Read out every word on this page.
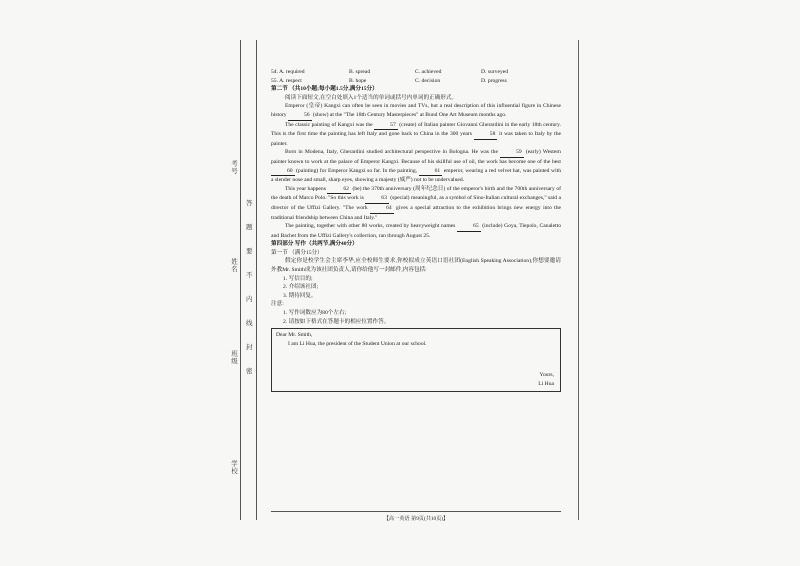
考号
姓名
班级
学校
答
题
要
不
内
线
封
密
54. A. required	B. spread	C. achieved	D. surveyed
55. A. respect	B. hope	C. decision	D. progress
第二节 （共10小题;每小题1.5分,满分15分）

阅读下面短文,在空白处填入1个适当的单词或括号内单词的正确形式。

Emperor (皇帝) Kangxi can often be seen in movies and TVs, but a real description of this influential figure in Chinese history	56 (show) at the "The 18th Century Masterpieces" at Bund One Art Museum months ago.

The classic painting of Kangxi was the	57 (create) of Italian painter Giovanni Gherardini in the early 18th century. This is the first time the painting has left Italy and gone back to China in the 300 years	58 it was taken to Italy by the painter.

Born in Modena, Italy, Gherardini studied architectural perspective in Bologna. He was the	59 (early) Western painter known to work at the palace of Emperor Kangxi. Because of his skillful use of oil, the work has become one of the best 60 (painting) for Emperor Kangxi so far. In the painting,	61 emperor, wearing a red velvet hat, was painted with a slender nose and small, sharp eyes, showing a majesty (威严) not to be undervalued.

This year happens	62 (be) the 370th anniversary (周年纪念日) of the emperor's birth and the 700th anniversary of the death of Marco Polo. "So this work is	63 (special) meaningful, as a symbol of Sino-Italian cultural exchanges," said a director of the Uffizi Gallery. "The work	64 gives a special attraction to the exhibition brings new energy into the traditional friendship between China and Italy."

The painting, together with other 80 works, created by heavyweight names	65 (include) Goya, Tiepolo, Canaletto and Bachet from the Uffizi Gallery's collection, ran through August 25.

第四部分 写作（共两节,满分40分）
第一节 （满分15分）

假定你是校学生会主席李华,应全校师生要求,你校拟成立英语口语社团(English Speaking Association),你想要邀请外教Mr. Smith成为该社团负责人,请你给他写一封邮件,内容包括:

1. 写信目的;
2. 介绍该社团;
3. 期待回复。
注意:
1. 写作词数应为80个左右;
2. 请按如下格式在答题卡的相应位置作答。
Dear Mr. Smith,
I am Li Hua, the president of the Student Union at our school.
Yours,
Li Hua
【高一英语 第9页(共10页)】
